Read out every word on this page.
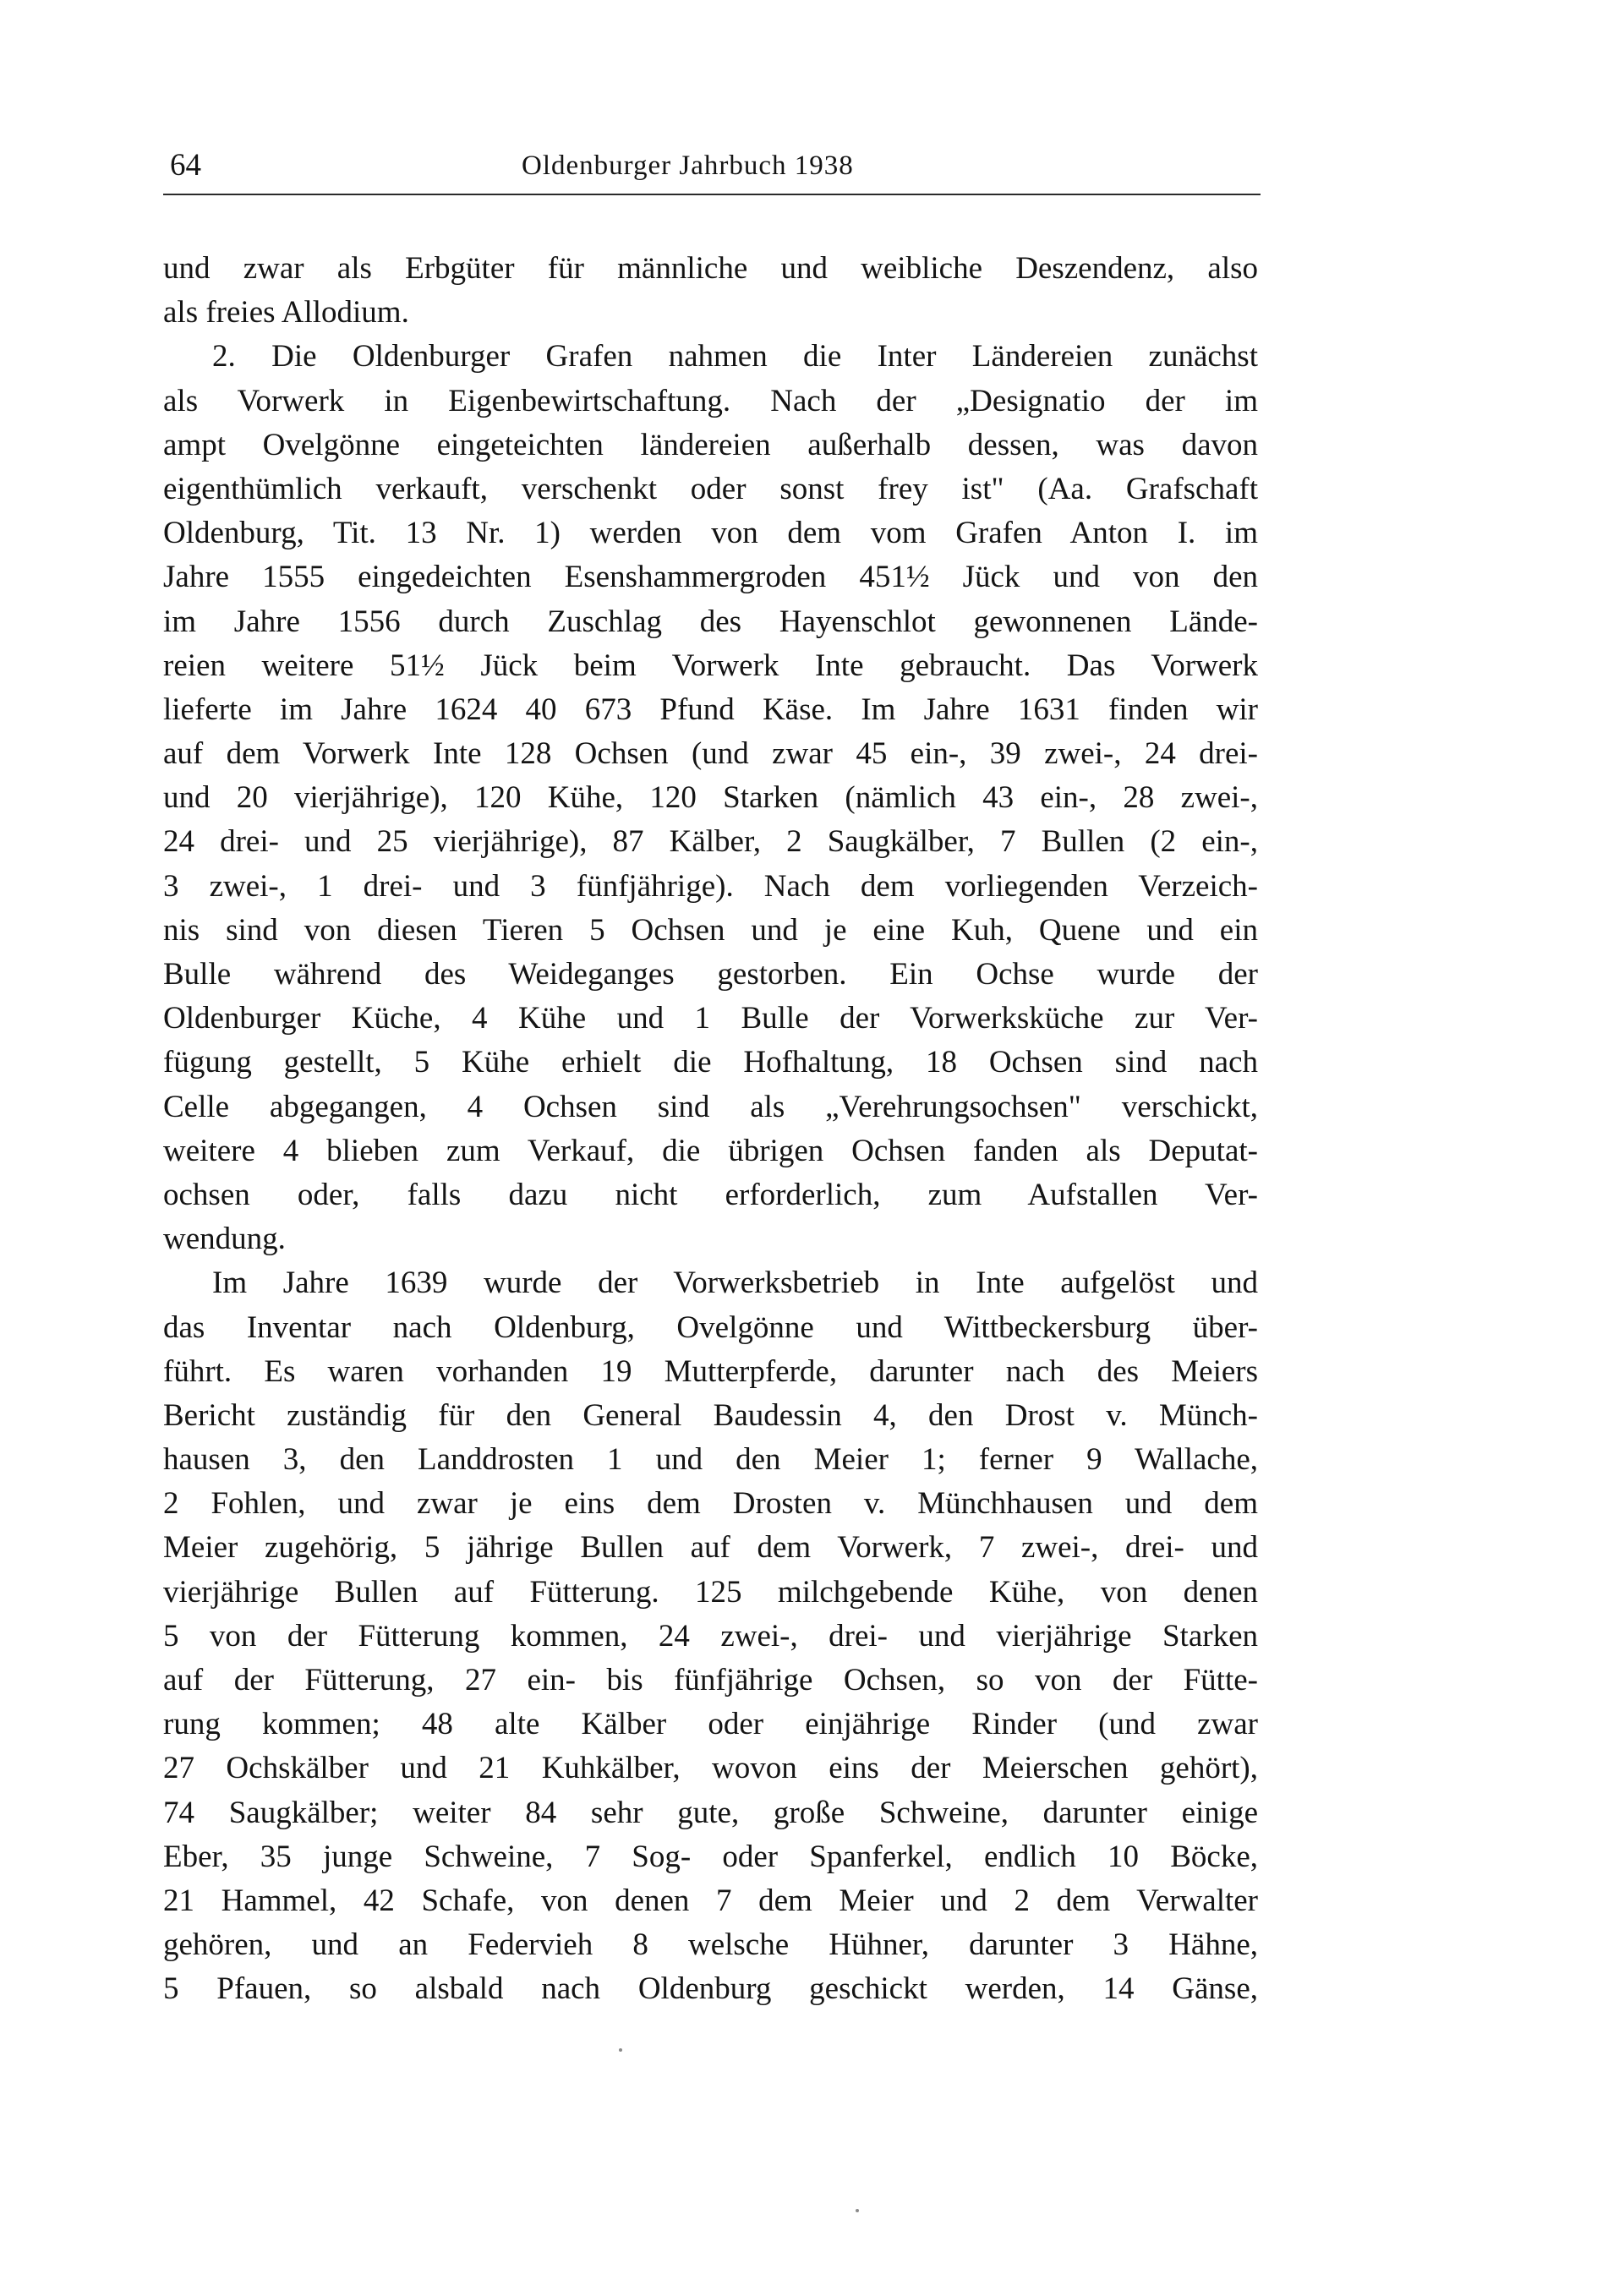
64	Oldenburger Jahrbuch 1938
und zwar als Erbgüter für männliche und weibliche Deszendenz, also
als freies Allodium.
2. Die Oldenburger Grafen nahmen die Inter Ländereien zunächst
als Vorwerk in Eigenbewirtschaftung. Nach der „Designatio der im
ampt Ovelgönne eingeteichten ländereien außerhalb dessen, was davon
eigenthümlich verkauft, verschenkt oder sonst frey ist" (Aa. Grafschaft
Oldenburg, Tit. 13 Nr. 1) werden von dem vom Grafen Anton I. im
Jahre 1555 eingedeichten Esenshammergroden 451½ Jück und von den
im Jahre 1556 durch Zuschlag des Hayenschlot gewonnenen Lände-
reien weitere 51½ Jück beim Vorwerk Inte gebraucht. Das Vorwerk
lieferte im Jahre 1624 40 673 Pfund Käse. Im Jahre 1631 finden wir
auf dem Vorwerk Inte 128 Ochsen (und zwar 45 ein-, 39 zwei-, 24 drei-
und 20 vierjährige), 120 Kühe, 120 Starken (nämlich 43 ein-, 28 zwei-,
24 drei- und 25 vierjährige), 87 Kälber, 2 Saugkälber, 7 Bullen (2 ein-,
3 zwei-, 1 drei- und 3 fünfjährige). Nach dem vorliegenden Verzeich-
nis sind von diesen Tieren 5 Ochsen und je eine Kuh, Quene und ein
Bulle während des Weideganges gestorben. Ein Ochse wurde der
Oldenburger Küche, 4 Kühe und 1 Bulle der Vorwerksküche zur Ver-
fügung gestellt, 5 Kühe erhielt die Hofhaltung, 18 Ochsen sind nach
Celle abgegangen, 4 Ochsen sind als „Verehrungsochsen" verschickt,
weitere 4 blieben zum Verkauf, die übrigen Ochsen fanden als Deputat-
ochsen oder, falls dazu nicht erforderlich, zum Aufstallen Ver-
wendung.
Im Jahre 1639 wurde der Vorwerksbetrieb in Inte aufgelöst und
das Inventar nach Oldenburg, Ovelgönne und Wittbeckersburg über-
führt. Es waren vorhanden 19 Mutterpferde, darunter nach des Meiers
Bericht zuständig für den General Baudessin 4, den Drost v. Münch-
hausen 3, den Landdrosten 1 und den Meier 1; ferner 9 Wallache,
2 Fohlen, und zwar je eins dem Drosten v. Münchhausen und dem
Meier zugehörig, 5 jährige Bullen auf dem Vorwerk, 7 zwei-, drei- und
vierjährige Bullen auf Fütterung. 125 milchgebende Kühe, von denen
5 von der Fütterung kommen, 24 zwei-, drei- und vierjährige Starken
auf der Fütterung, 27 ein- bis fünfjährige Ochsen, so von der Fütte-
rung kommen; 48 alte Kälber oder einjährige Rinder (und zwar
27 Ochskälber und 21 Kuhkälber, wovon eins der Meierschen gehört),
74 Saugkälber; weiter 84 sehr gute, große Schweine, darunter einige
Eber, 35 junge Schweine, 7 Sog- oder Spanferkel, endlich 10 Böcke,
21 Hammel, 42 Schafe, von denen 7 dem Meier und 2 dem Verwalter
gehören, und an Federvieh 8 welsche Hühner, darunter 3 Hähne,
5 Pfauen, so alsbald nach Oldenburg geschickt werden, 14 Gänse,
